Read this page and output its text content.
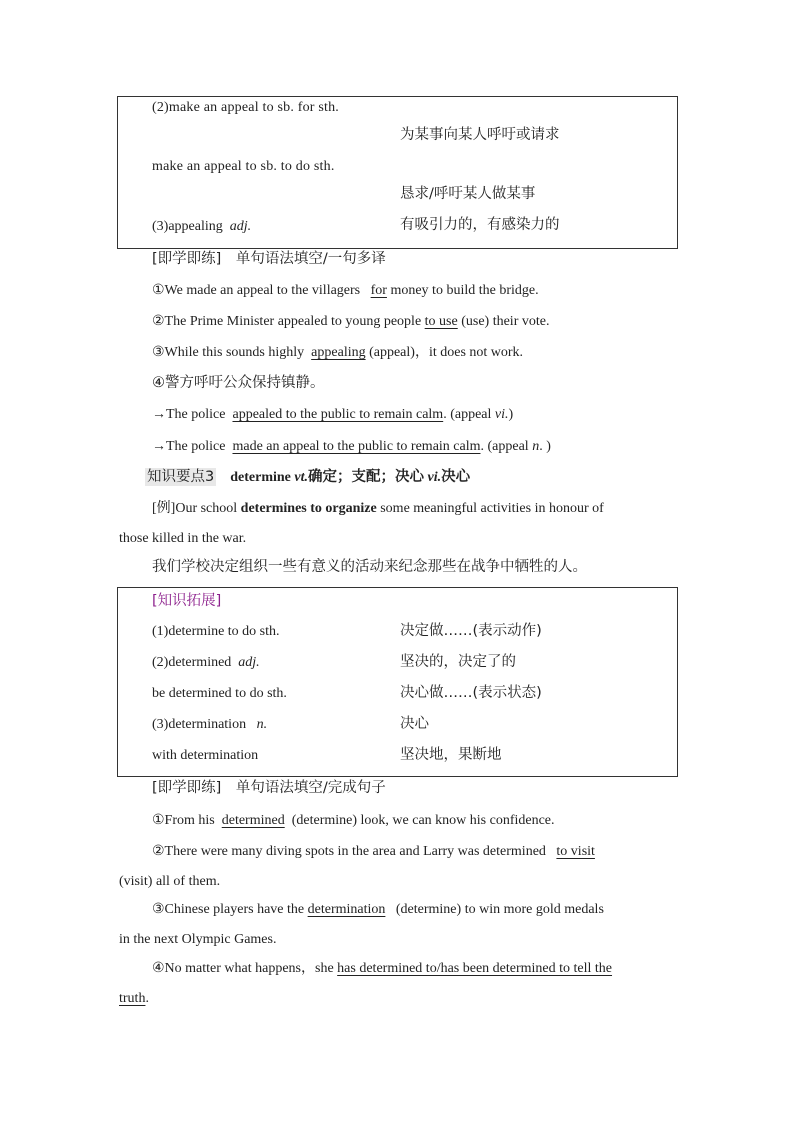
(2)make an appeal to sb. for sth.
为某事向某人呼吁或请求
make an appeal to sb. to do sth.
恳求/呼吁某人做某事
(3)appealing adj.	有吸引力的，有感染力的
[即学即练]　单句语法填空/一句多译
①We made an appeal to the villagers for money to build the bridge.
②The Prime Minister appealed to young people to use (use) their vote.
③While this sounds highly appealing (appeal)，it does not work.
④警方呼吁公众保持镇静。
→The police appealed to the public to remain calm. (appeal vi.)
→The police made an appeal to the public to remain calm. (appeal n. )
知识要点3 determine vt.确定；支配；决心 vi.决心
[例]Our school determines to organize some meaningful activities in honour of
those killed in the war.
我们学校决定组织一些有意义的活动来纪念那些在战争中牺牲的人。
[知识拓展]
(1)determine to do sth.	决定做……(表示动作)
(2)determined adj.	坚决的，决定了的
be determined to do sth.	决心做……(表示状态)
(3)determination n.	决心
with determination	坚决地，果断地
[即学即练]　单句语法填空/完成句子
①From his determined (determine) look, we can know his confidence.
②There were many diving spots in the area and Larry was determined to visit
(visit) all of them.
③Chinese players have the determination (determine) to win more gold medals
in the next Olympic Games.
④No matter what happens，she has determined to/has been determined to tell the
truth.
